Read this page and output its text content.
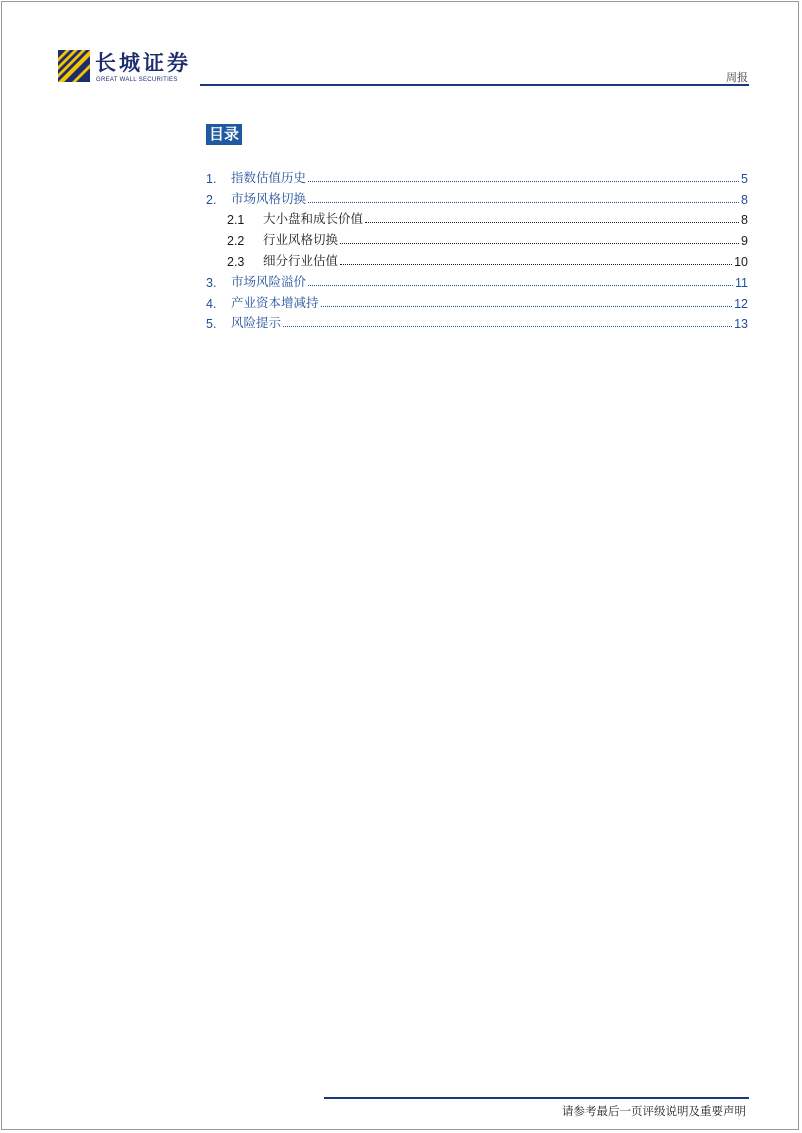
长城证券
GREAT WALL SECURITIES	周报
目录
1.	指数估值历史	5
2.	市场风格切换	8
2.1	大小盘和成长价值	8
2.2	行业风格切换	9
2.3	细分行业估值	10
3.	市场风险溢价	11
4.	产业资本增减持	12
5.	风险提示	13
请参考最后一页评级说明及重要声明
